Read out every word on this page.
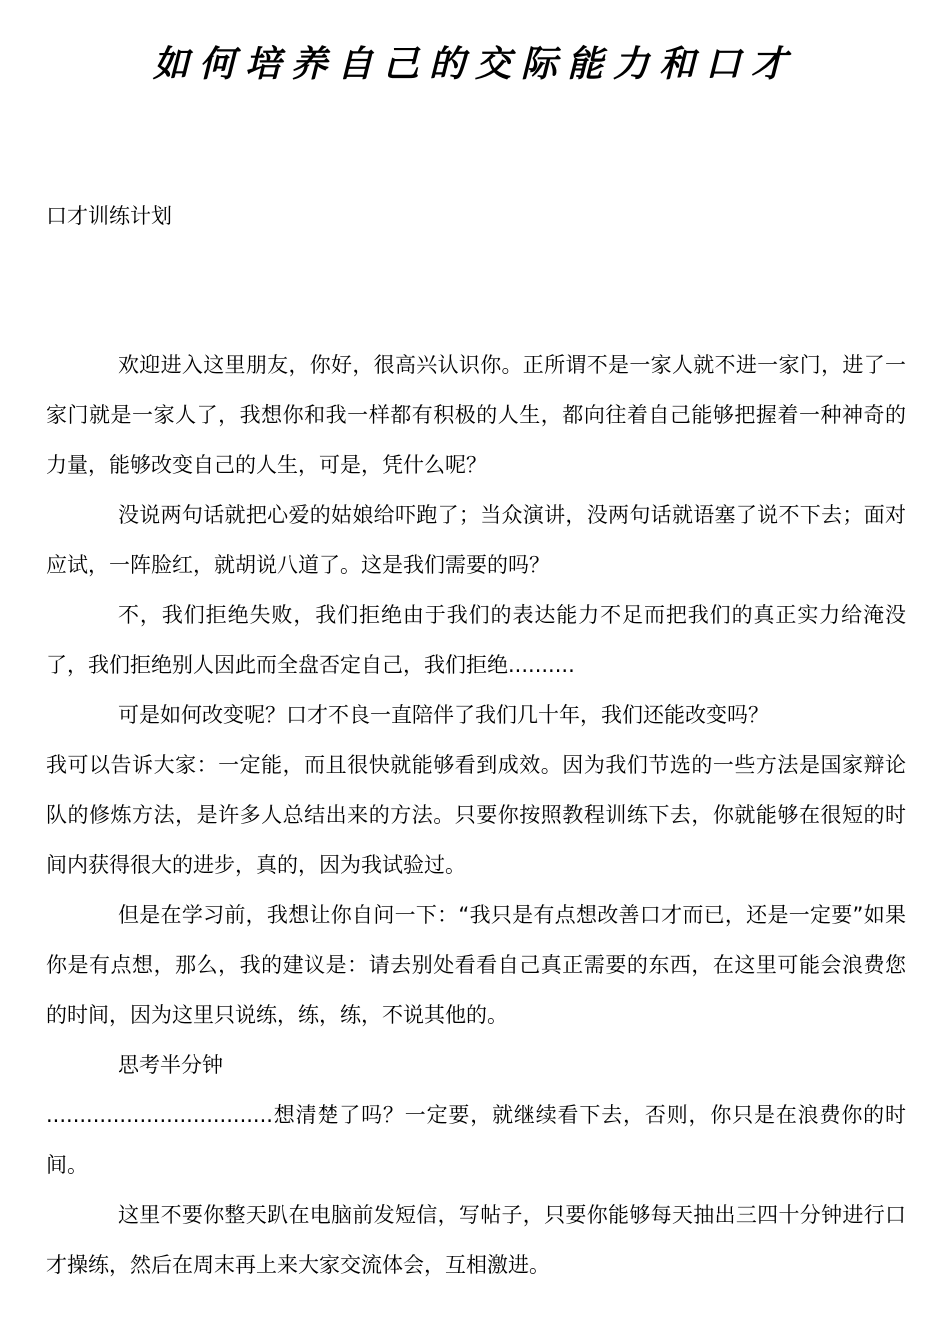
如何培养自己的交际能力和口才
口才训练计划

欢迎进入这里朋友，你好，很高兴认识你。正所谓不是一家人就不进一家门，进了一家门就是一家人了，我想你和我一样都有积极的人生，都向往着自己能够把握着一种神奇的力量，能够改变自己的人生，可是，凭什么呢？

没说两句话就把心爱的姑娘给吓跑了；当众演讲，没两句话就语塞了说不下去；面对应试，一阵脸红，就胡说八道了。这是我们需要的吗？

不，我们拒绝失败，我们拒绝由于我们的表达能力不足而把我们的真正实力给淹没了，我们拒绝别人因此而全盘否定自己，我们拒绝..........

可是如何改变呢？口才不良一直陪伴了我们几十年，我们还能改变吗？

我可以告诉大家：一定能，而且很快就能够看到成效。因为我们节选的一些方法是国家辩论队的修炼方法，是许多人总结出来的方法。只要你按照教程训练下去，你就能够在很短的时间内获得很大的进步，真的，因为我试验过。

但是在学习前，我想让你自问一下：“我只是有点想改善口才而已，还是一定要”如果你是有点想，那么，我的建议是：请去别处看看自己真正需要的东西，在这里可能会浪费您的时间，因为这里只说练，练，练，不说其他的。

思考半分钟

..................................想清楚了吗？一定要，就继续看下去，否则，你只是在浪费你的时间。

这里不要你整天趴在电脑前发短信，写帖子，只要你能够每天抽出三四十分钟进行口才操练，然后在周末再上来大家交流体会，互相激进。
